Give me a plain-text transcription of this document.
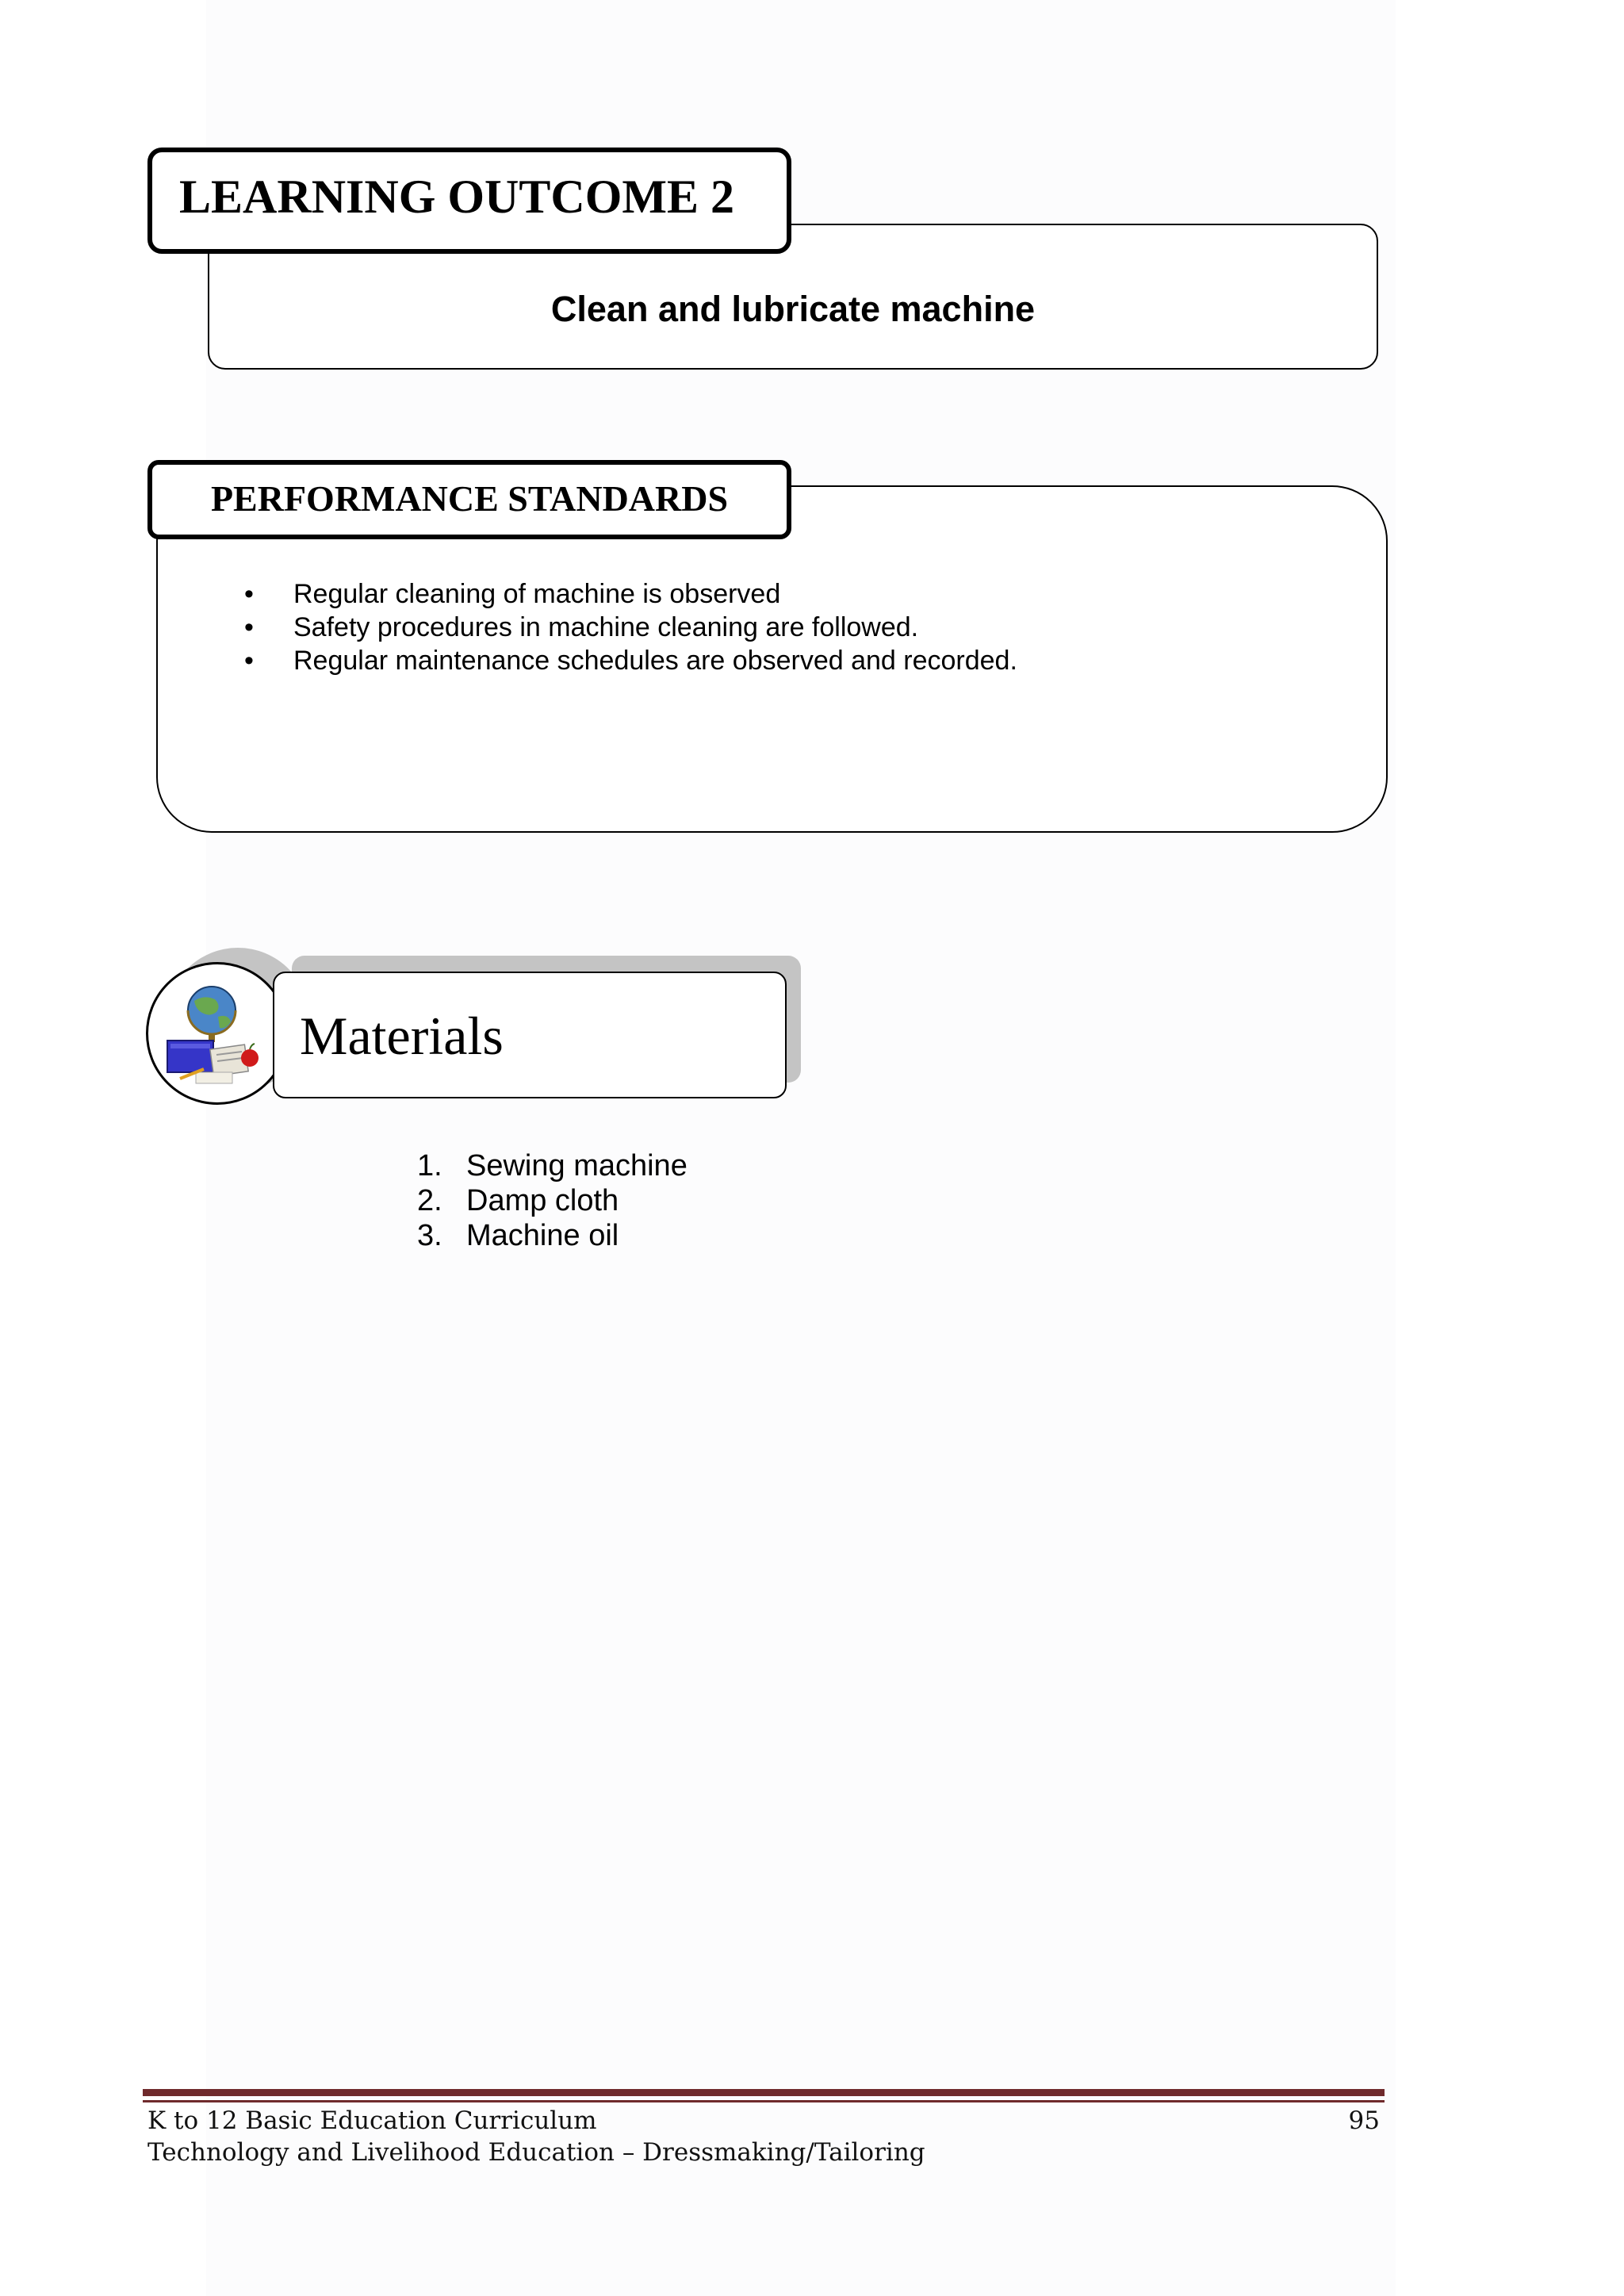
Clean and lubricate machine
LEARNING OUTCOME 2
PERFORMANCE STANDARDS
• Regular cleaning of machine is observed
• Safety procedures in machine cleaning are followed.
• Regular maintenance schedules are observed and recorded.
Materials
1. Sewing machine
2. Damp cloth
3. Machine oil
K to 12 Basic Education Curriculum
Technology and Livelihood Education – Dressmaking/Tailoring
95
